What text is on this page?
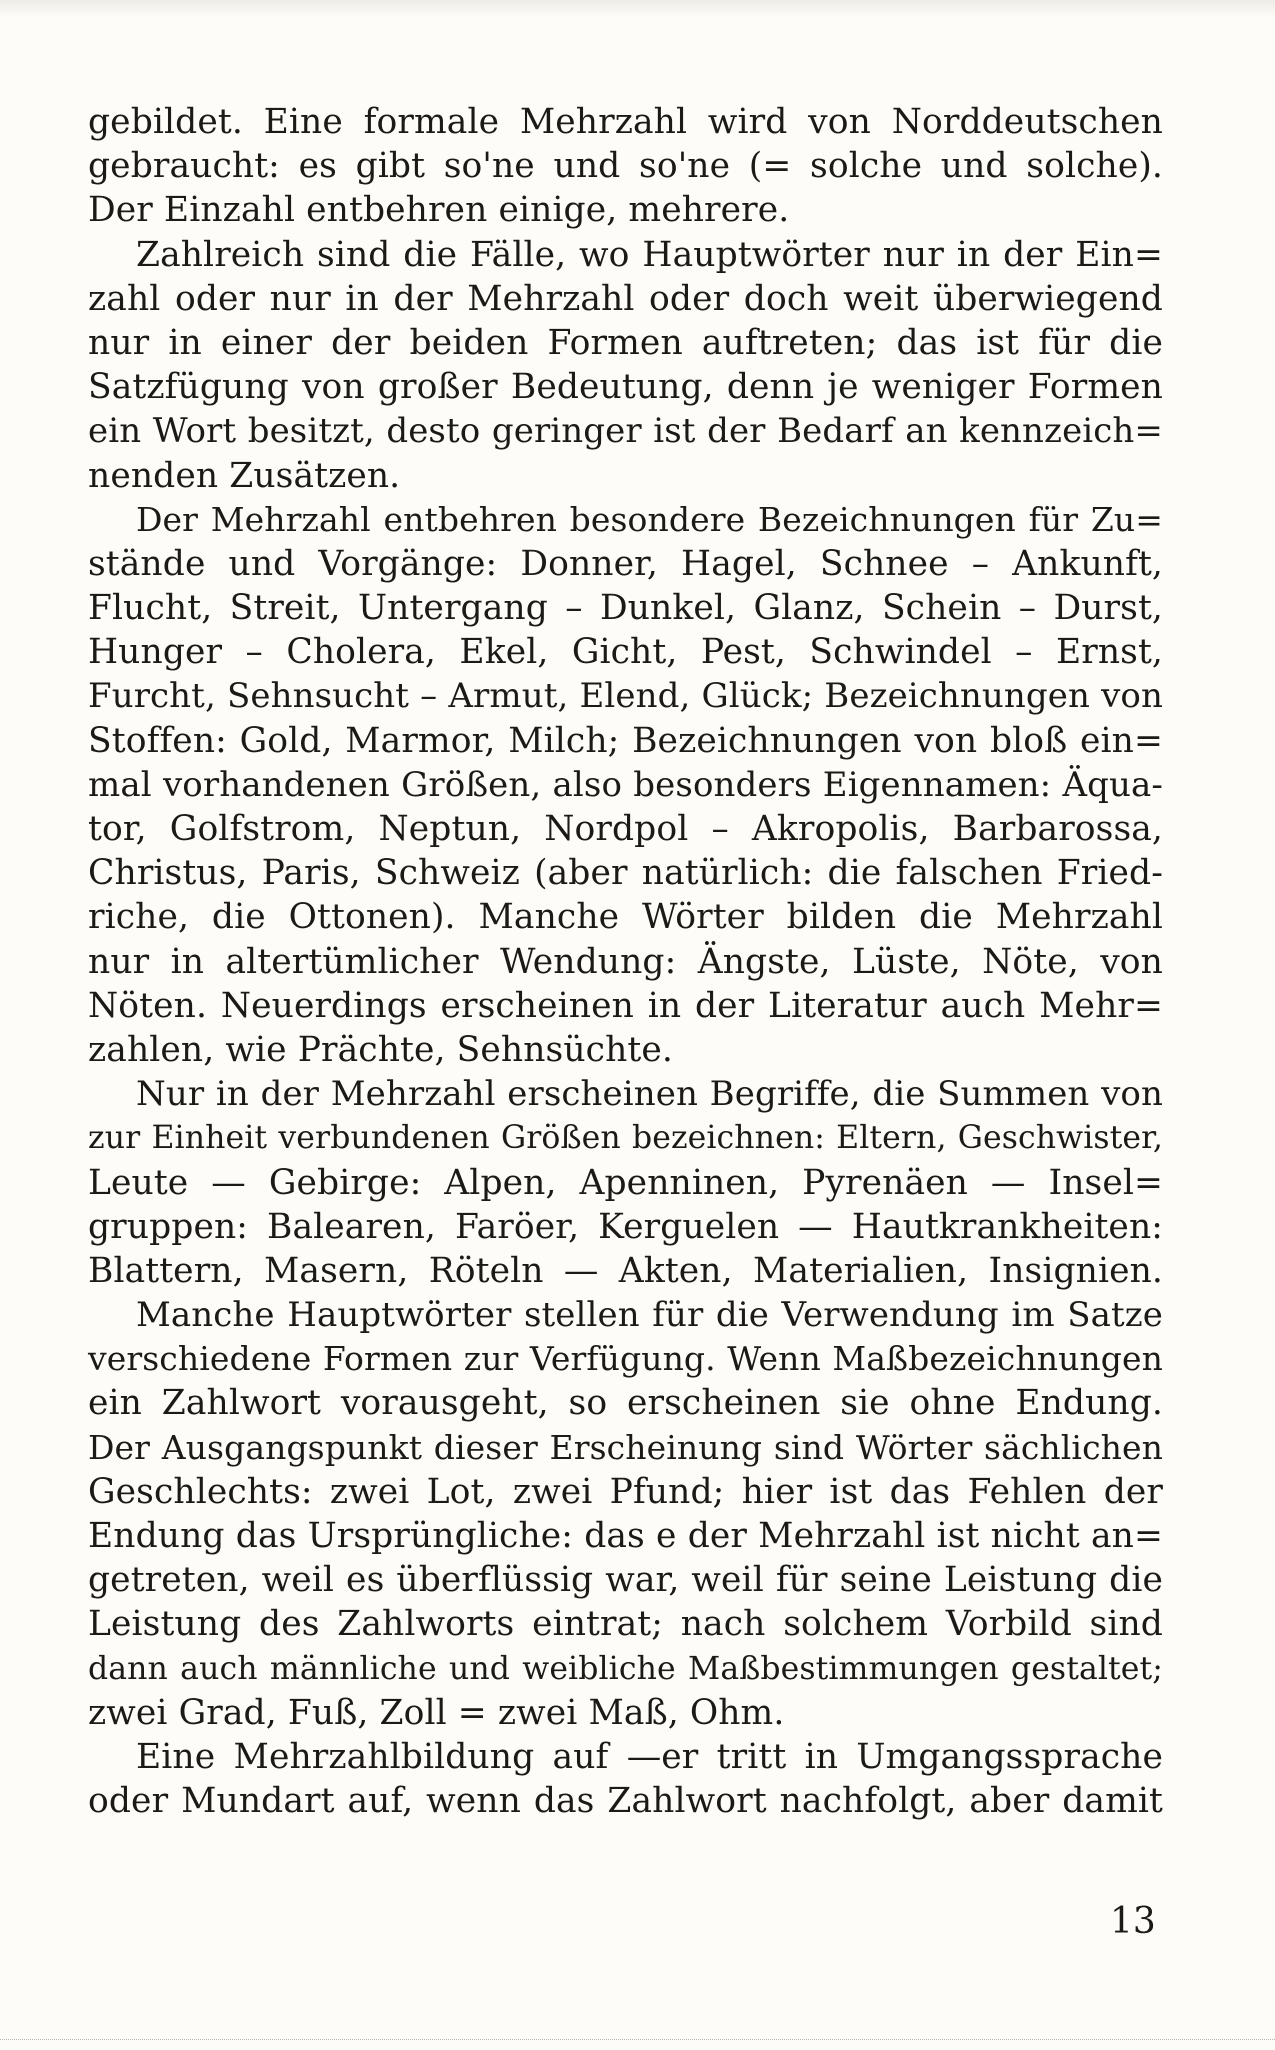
gebildet. Eine formale Mehrzahl wird von Norddeutschen
gebraucht: es gibt so'ne und so'ne (= solche und solche).
Der Einzahl entbehren einige, mehrere.
Zahlreich sind die Fälle, wo Hauptwörter nur in der Ein=
zahl oder nur in der Mehrzahl oder doch weit überwiegend
nur in einer der beiden Formen auftreten; das ist für die
Satzfügung von großer Bedeutung, denn je weniger Formen
ein Wort besitzt, desto geringer ist der Bedarf an kennzeich=
nenden Zusätzen.
Der Mehrzahl entbehren besondere Bezeichnungen für Zu=
stände und Vorgänge: Donner, Hagel, Schnee – Ankunft,
Flucht, Streit, Untergang – Dunkel, Glanz, Schein – Durst,
Hunger – Cholera, Ekel, Gicht, Pest, Schwindel – Ernst,
Furcht, Sehnsucht – Armut, Elend, Glück; Bezeichnungen von
Stoffen: Gold, Marmor, Milch; Bezeichnungen von bloß ein=
mal vorhandenen Größen, also besonders Eigennamen: Äqua-
tor, Golfstrom, Neptun, Nordpol – Akropolis, Barbarossa,
Christus, Paris, Schweiz (aber natürlich: die falschen Fried-
riche, die Ottonen). Manche Wörter bilden die Mehrzahl
nur in altertümlicher Wendung: Ängste, Lüste, Nöte, von
Nöten. Neuerdings erscheinen in der Literatur auch Mehr=
zahlen, wie Prächte, Sehnsüchte.
Nur in der Mehrzahl erscheinen Begriffe, die Summen von
zur Einheit verbundenen Größen bezeichnen: Eltern, Geschwister,
Leute — Gebirge: Alpen, Apenninen, Pyrenäen — Insel=
gruppen: Balearen, Faröer, Kerguelen — Hautkrankheiten:
Blattern, Masern, Röteln — Akten, Materialien, Insignien.
Manche Hauptwörter stellen für die Verwendung im Satze
verschiedene Formen zur Verfügung. Wenn Maßbezeichnungen
ein Zahlwort vorausgeht, so erscheinen sie ohne Endung.
Der Ausgangspunkt dieser Erscheinung sind Wörter sächlichen
Geschlechts: zwei Lot, zwei Pfund; hier ist das Fehlen der
Endung das Ursprüngliche: das e der Mehrzahl ist nicht an=
getreten, weil es überflüssig war, weil für seine Leistung die
Leistung des Zahlworts eintrat; nach solchem Vorbild sind
dann auch männliche und weibliche Maßbestimmungen gestaltet;
zwei Grad, Fuß, Zoll = zwei Maß, Ohm.
Eine Mehrzahlbildung auf —er tritt in Umgangssprache
oder Mundart auf, wenn das Zahlwort nachfolgt, aber damit
13
